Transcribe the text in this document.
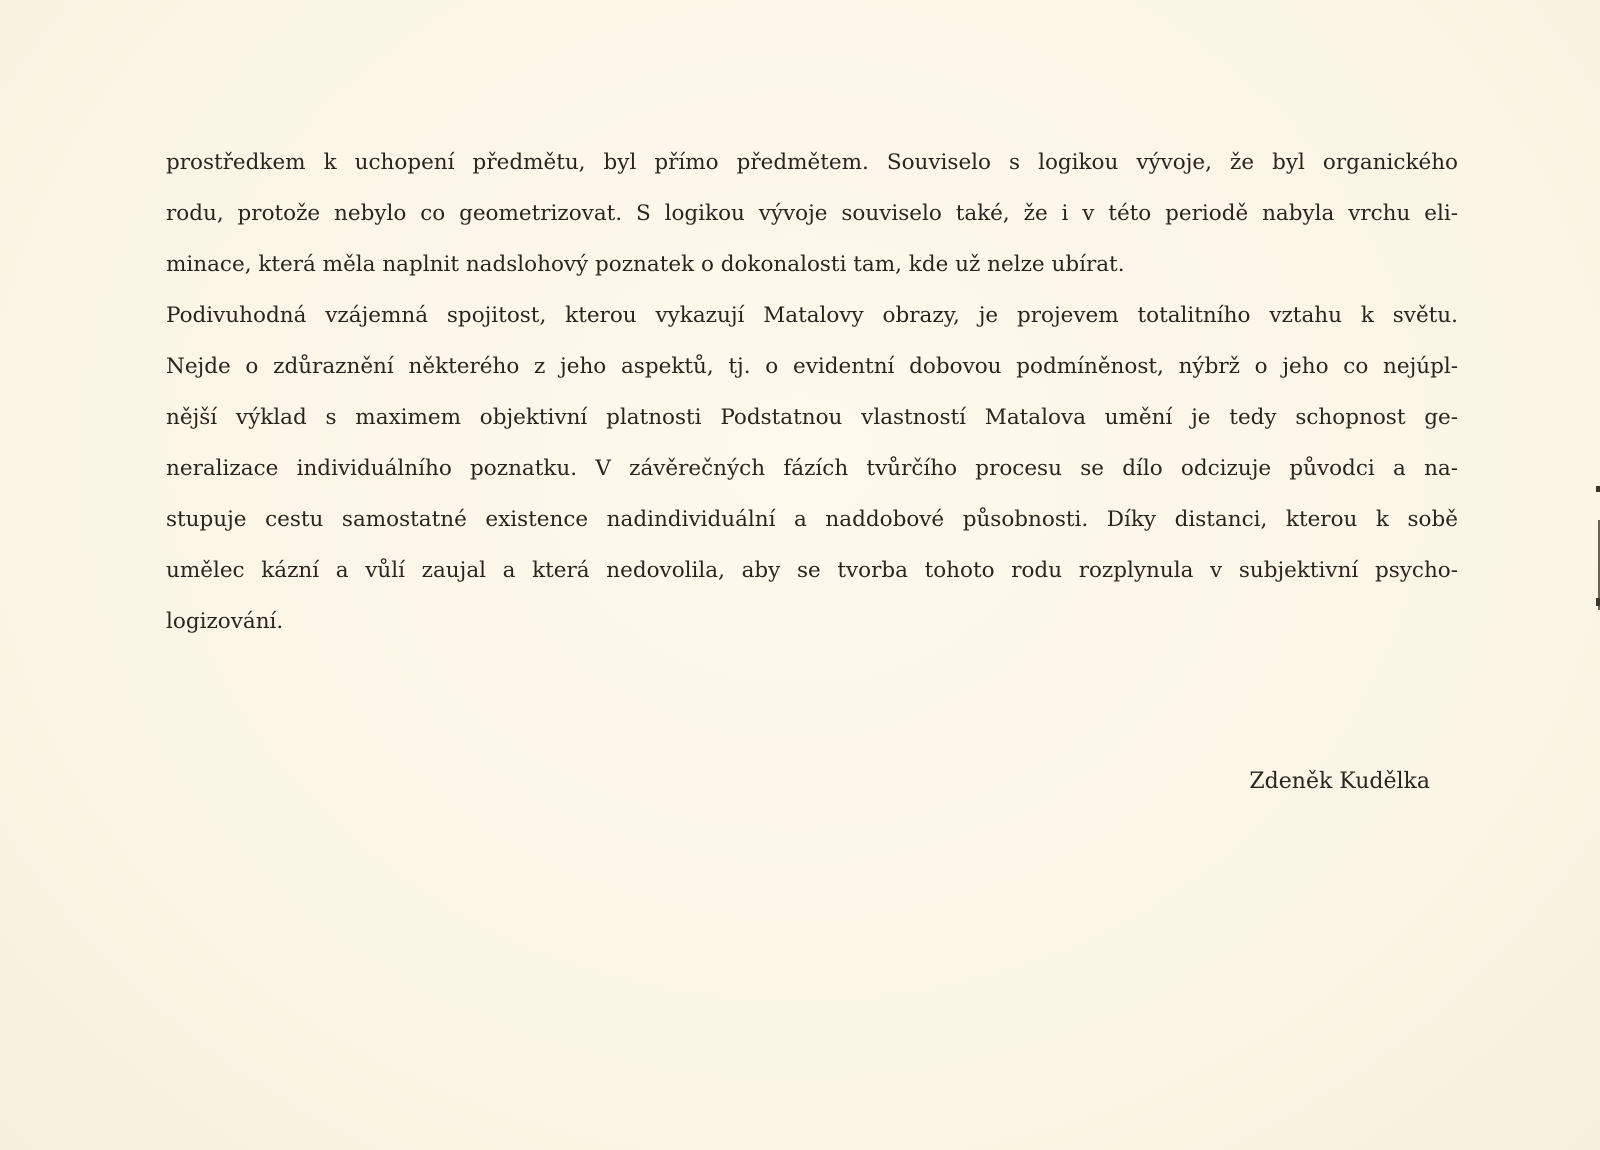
prostředkem k uchopení předmětu, byl přímo předmětem. Souviselo s logikou vývoje, že byl organického
rodu, protože nebylo co geometrizovat. S logikou vývoje souviselo také, že i v této periodě nabyla vrchu eli-
minace, která měla naplnit nadslohový poznatek o dokonalosti tam, kde už nelze ubírat.
Podivuhodná vzájemná spojitost, kterou vykazují Matalovy obrazy, je projevem totalitního vztahu k světu.
Nejde o zdůraznění některého z jeho aspektů, tj. o evidentní dobovou podmíněnost, nýbrž o jeho co nejúpl-
nější výklad s maximem objektivní platnosti Podstatnou vlastností Matalova umění je tedy schopnost ge-
neralizace individuálního poznatku. V závěrečných fázích tvůrčího procesu se dílo odcizuje původci a na-
stupuje cestu samostatné existence nadindividuální a naddobové působnosti. Díky distanci, kterou k sobě
umělec kázní a vůlí zaujal a která nedovolila, aby se tvorba tohoto rodu rozplynula v subjektivní psycho-
logizování.
Zdeněk Kudělka
